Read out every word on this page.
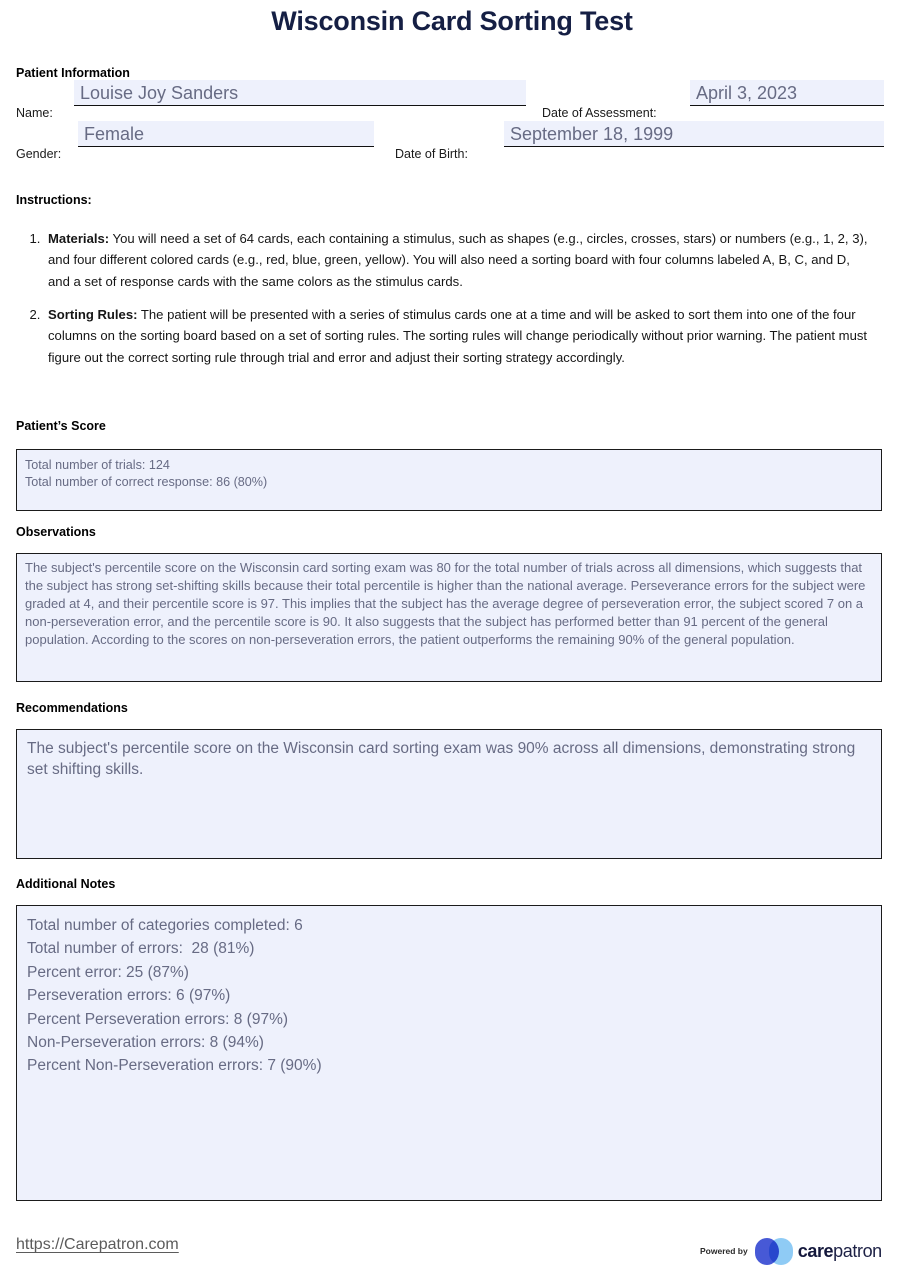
Wisconsin Card Sorting Test
Patient Information
Name:
Louise Joy Sanders
Date of Assessment:
April 3, 2023
Gender:
Female
Date of Birth:
September 18, 1999
Instructions:
1. Materials: You will need a set of 64 cards, each containing a stimulus, such as shapes (e.g., circles, crosses, stars) or numbers (e.g., 1, 2, 3), and four different colored cards (e.g., red, blue, green, yellow). You will also need a sorting board with four columns labeled A, B, C, and D, and a set of response cards with the same colors as the stimulus cards.
2. Sorting Rules: The patient will be presented with a series of stimulus cards one at a time and will be asked to sort them into one of the four columns on the sorting board based on a set of sorting rules. The sorting rules will change periodically without prior warning. The patient must figure out the correct sorting rule through trial and error and adjust their sorting strategy accordingly.
Patient’s Score
Total number of trials: 124
Total number of correct response: 86 (80%)
Observations
The subject's percentile score on the Wisconsin card sorting exam was 80 for the total number of trials across all dimensions, which suggests that the subject has strong set-shifting skills because their total percentile is higher than the national average. Perseverance errors for the subject were graded at 4, and their percentile score is 97. This implies that the subject has the average degree of perseveration error, the subject scored 7 on a non-perseveration error, and the percentile score is 90. It also suggests that the subject has performed better than 91 percent of the general population. According to the scores on non-perseveration errors, the patient outperforms the remaining 90% of the general population.
Recommendations
The subject's percentile score on the Wisconsin card sorting exam was 90% across all dimensions, demonstrating strong set shifting skills.
Additional Notes
Total number of categories completed: 6
Total number of errors:  28 (81%)
Percent error: 25 (87%)
Perseveration errors: 6 (97%)
Percent Perseveration errors: 8 (97%)
Non-Perseveration errors: 8 (94%)
Percent Non-Perseveration errors: 7 (90%)
https://Carepatron.com	Powered by	carepatron
